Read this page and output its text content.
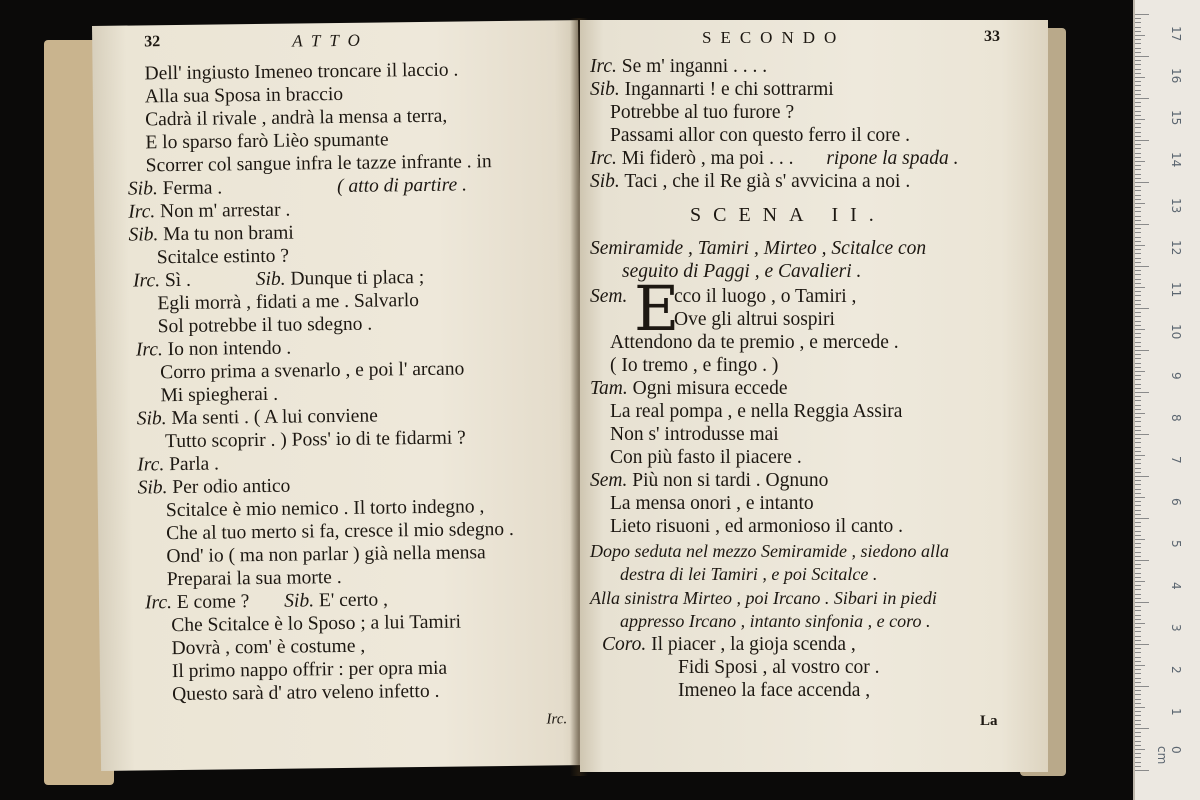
32	ATTO
Dell' ingiusto Imeneo troncare il laccio .
Alla sua Sposa in braccio
Cadrà il rivale , andrà la mensa a terra,
E lo sparso farò Lièo spumante
Scorrer col sangue infra le tazze infrante . in
Sib. Ferma .	( atto di partire .
Irc. Non m' arrestar .
Sib. Ma tu non brami
Scitalce estinto ?
Irc. Sì .	Sib. Dunque ti placa ;
Egli morrà , fidati a me . Salvarlo
Sol potrebbe il tuo sdegno .
Irc. Io non intendo .
Corro prima a svenarlo , e poi l' arcano
Mi spiegherai .
Sib. Ma senti . ( A lui conviene
Tutto scoprir . ) Poss' io di te fidarmi ?
Irc. Parla .
Sib. Per odio antico
Scitalce è mio nemico . Il torto indegno ,
Che al tuo merto si fa, cresce il mio sdegno .
Ond' io ( ma non parlar ) già nella mensa
Preparai la sua morte .
Irc. E come ? Sib. E' certo ,
Che Scitalce è lo Sposo ; a lui Tamiri
Dovrà , com' è costume ,
Il primo nappo offrir : per opra mia
Questo sarà d' atro veleno infetto .
Irc.
SECONDO	33
Irc. Se m' inganni . . . .
Sib. Ingannarti ! e chi sottrarmi
Potrebbe al tuo furore ?
Passami allor con questo ferro il core .
Irc. Mi fiderò , ma poi . . . ripone la spada .
Sib. Taci , che il Re già s' avvicina a noi .
SCENA II.
Semiramide , Tamiri , Mirteo , Scitalce con
seguito di Paggi , e Cavalieri .
Sem. E
cco il luogo , o Tamiri ,
Ove gli altrui sospiri
Attendono da te premio , e mercede .
( Io tremo , e fingo . )
Tam. Ogni misura eccede
La real pompa , e nella Reggia Assira
Non s' introdusse mai
Con più fasto il piacere .
Sem. Più non si tardi . Ognuno
La mensa onori , e intanto
Lieto risuoni , ed armonioso il canto .
Dopo seduta nel mezzo Semiramide , siedono alla
destra di lei Tamiri , e poi Scitalce .
Alla sinistra Mirteo , poi Ircano . Sibari in piedi
appresso Ircano , intanto sinfonia , e coro .
Coro. Il piacer , la gioja scenda ,
Fidi Sposi , al vostro cor .
Imeneo la face accenda ,
La
0 cm
1
2
3
4
5
6
7
8
9
10
11
12
13
14
15
16
17
